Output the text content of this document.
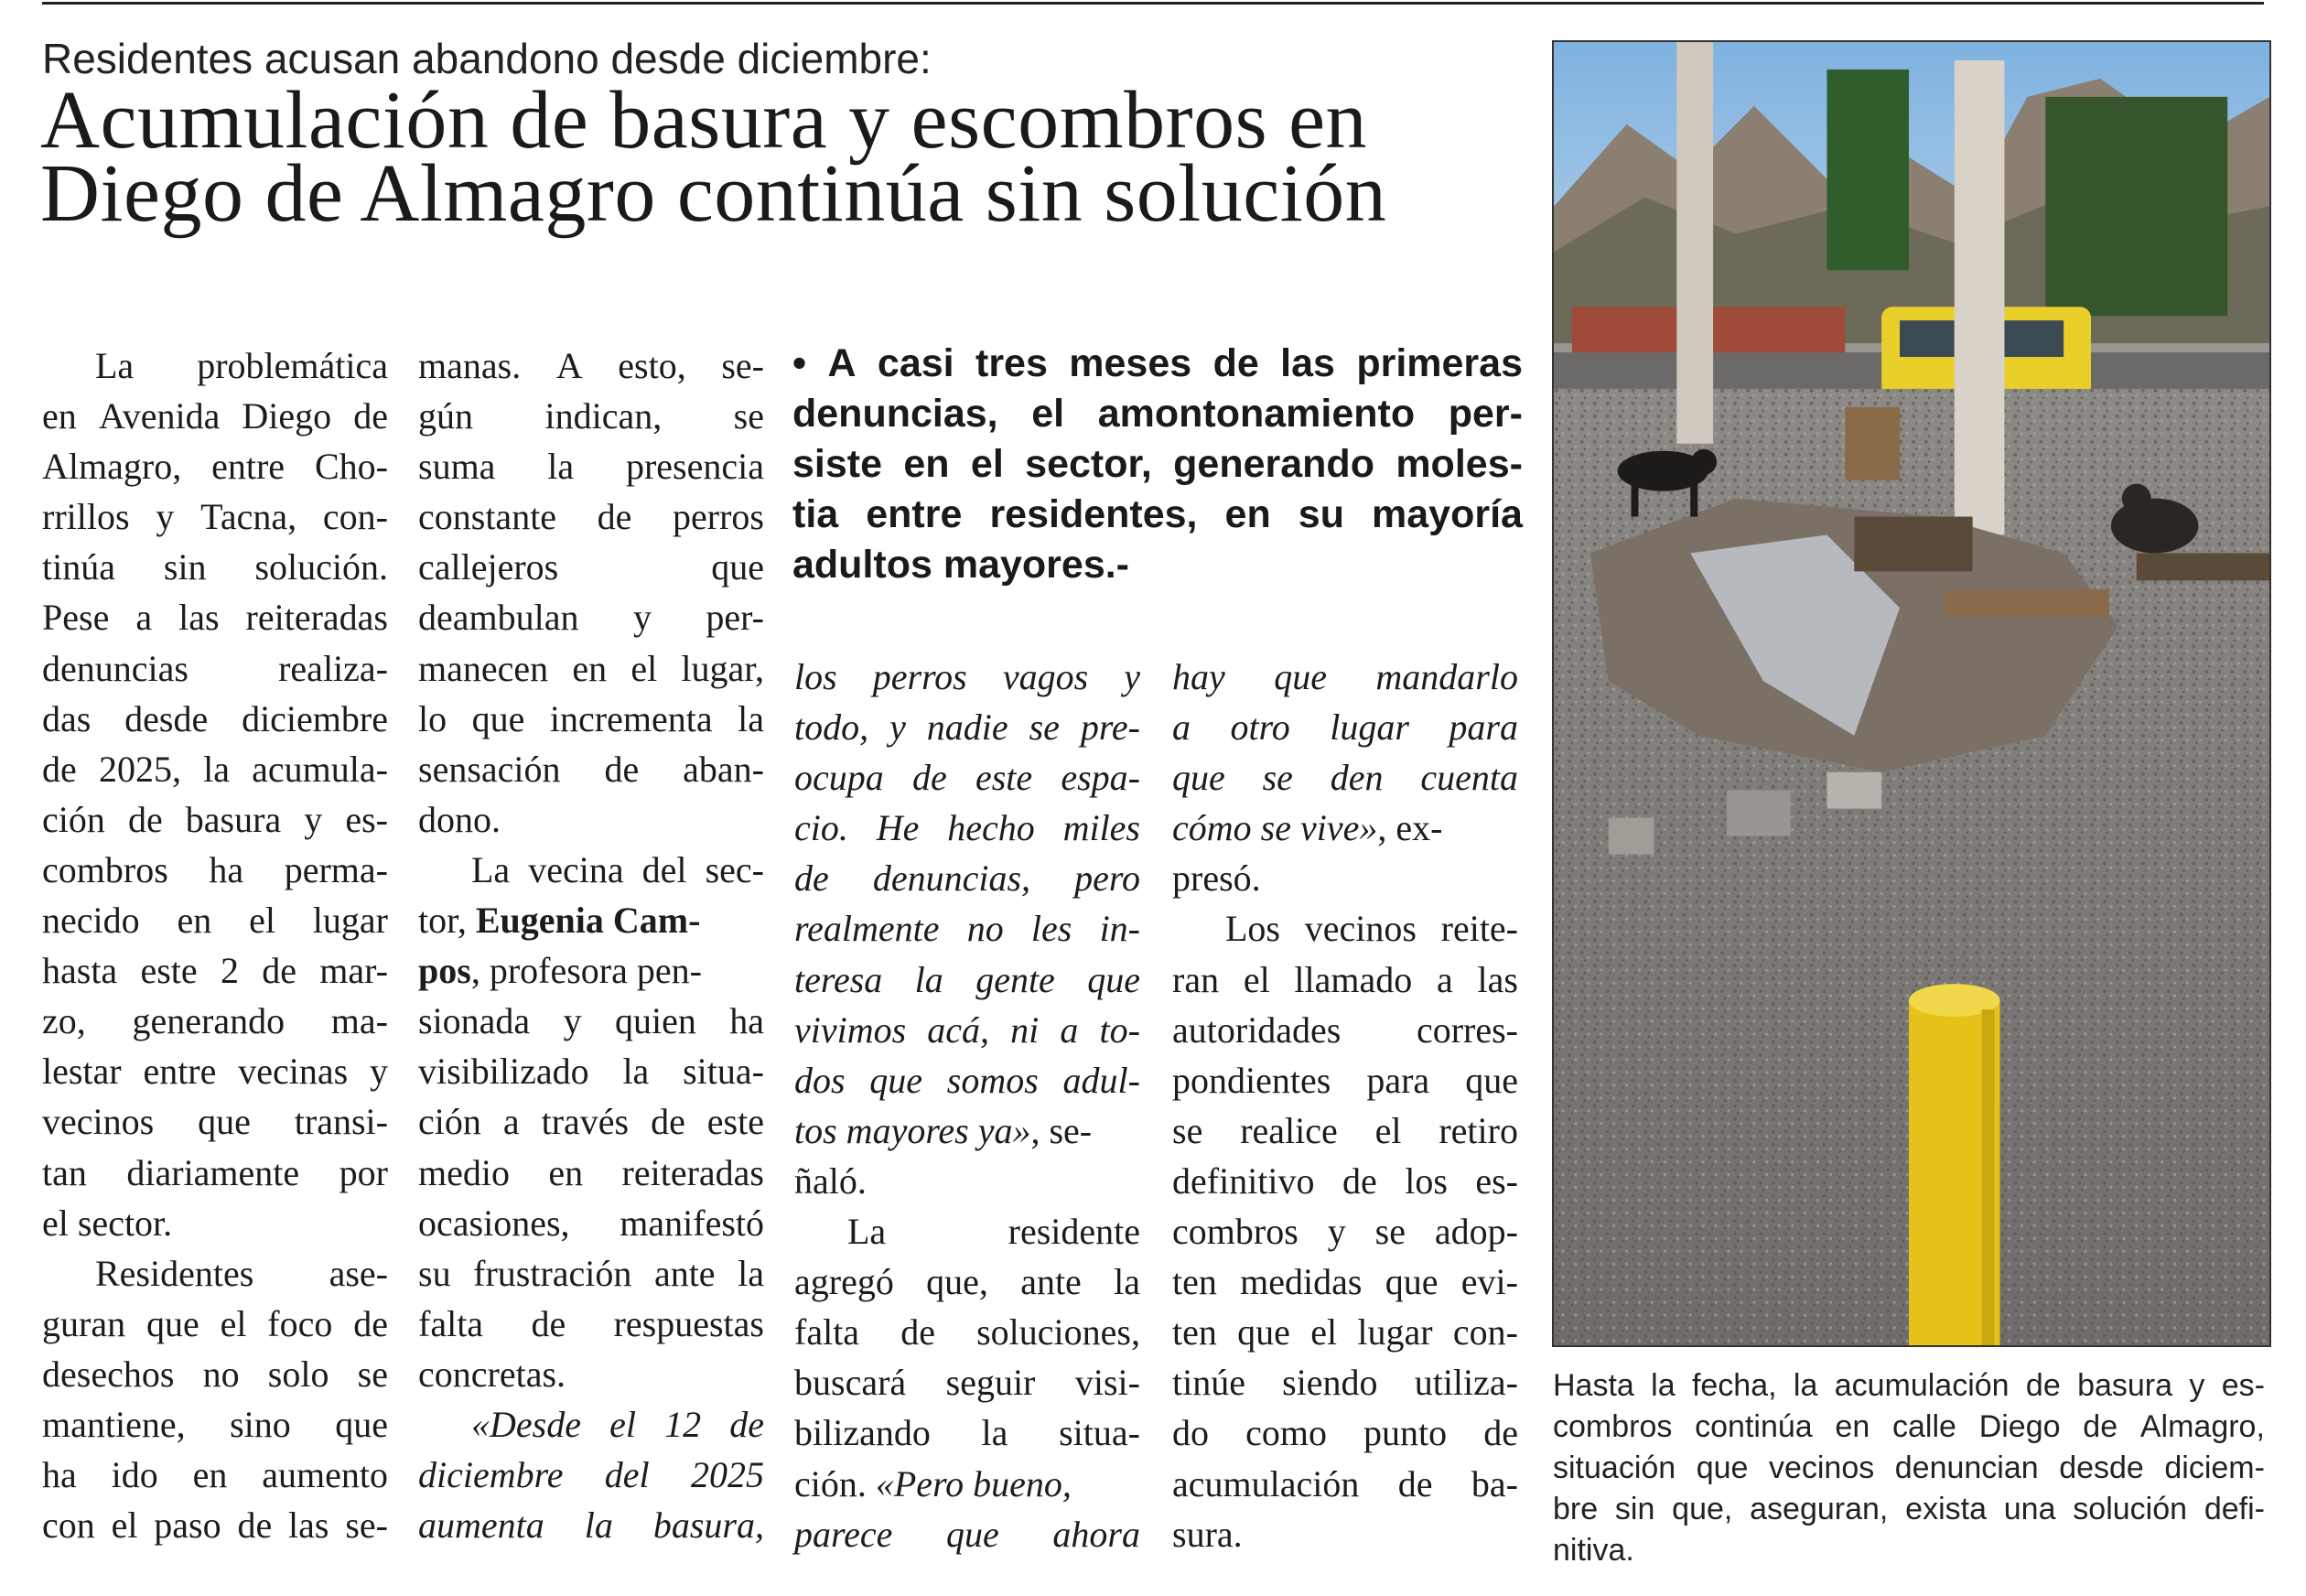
Residentes acusan abandono desde diciembre:
Acumulación de basura y escombros en
Diego de Almagro continúa sin solución
La problemática
en Avenida Diego de
Almagro, entre Cho-
rrillos y Tacna, con-
tinúa sin solución.
Pese a las reiteradas
denuncias realiza-
das desde diciembre
de 2025, la acumula-
ción de basura y es-
combros ha perma-
necido en el lugar
hasta este 2 de mar-
zo, generando ma-
lestar entre vecinas y
vecinos que transi-
tan diariamente por
el sector.
Residentes ase-
guran que el foco de
desechos no solo se
mantiene, sino que
ha ido en aumento
con el paso de las se-
manas. A esto, se-
gún indican, se
suma la presencia
constante de perros
callejeros	que
deambulan y per-
manecen en el lugar,
lo que incrementa la
sensación de aban-
dono.
La vecina del sec-
tor, Eugenia Cam-
pos , profesora pen-
sionada y quien ha
visibilizado la situa-
ción a través de este
medio en reiteradas
ocasiones, manifestó
su frustración ante la
falta de respuestas
concretas.
«Desde el 12 de
diciembre del 2025
aumenta la basura,
• A casi tres meses de las primeras
denuncias, el amontonamiento per-
siste en el sector, generando moles-
tia entre residentes, en su mayoría
adultos mayores.-
los perros vagos y
todo, y nadie se pre-
ocupa de este espa-
cio. He hecho miles
de denuncias, pero
realmente no les in-
teresa la gente que
vivimos acá, ni a to-
dos que somos adul-
tos mayores ya» , se-
ñaló.
La	residente
agregó que, ante la
falta de soluciones,
buscará seguir visi-
bilizando la situa-
ción. «Pero bueno,
parece que ahora
hay que mandarlo
a otro lugar para
que se den cuenta
cómo se vive» , ex-
presó.
Los vecinos reite-
ran el llamado a las
autoridades corres-
pondientes para que
se realice el retiro
definitivo de los es-
combros y se adop-
ten medidas que evi-
ten que el lugar con-
tinúe siendo utiliza-
do como punto de
acumulación de ba-
sura.
Hasta la fecha, la acumulación de basura y es-
combros continúa en calle Diego de Almagro,
situación que vecinos denuncian desde diciem-
bre sin que, aseguran, exista una solución defi-
nitiva.
